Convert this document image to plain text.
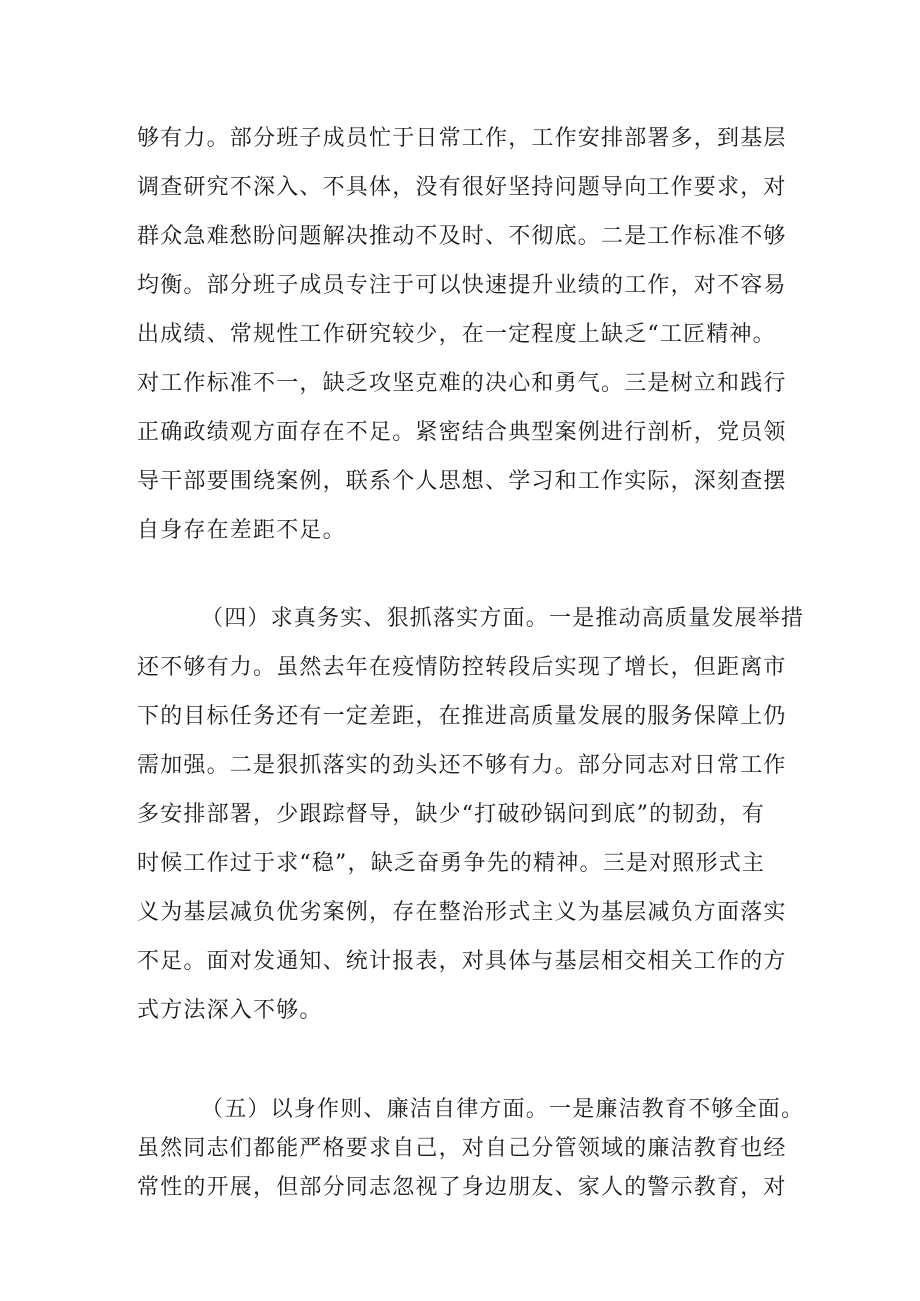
够有力。部分班子成员忙于日常工作，工作安排部署多，到基层
调查研究不深入、不具体，没有很好坚持问题导向工作要求，对
群众急难愁盼问题解决推动不及时、不彻底。二是工作标准不够
均衡。部分班子成员专注于可以快速提升业绩的工作，对不容易
出成绩、常规性工作研究较少，在一定程度上缺乏“工匠精神。
对工作标准不一，缺乏攻坚克难的决心和勇气。三是树立和践行
正确政绩观方面存在不足。紧密结合典型案例进行剖析，党员领
导干部要围绕案例，联系个人思想、学习和工作实际，深刻查摆
自身存在差距不足。
（四）求真务实、狠抓落实方面。一是推动高质量发展举措
还不够有力。虽然去年在疫情防控转段后实现了增长，但距离市
下的目标任务还有一定差距，在推进高质量发展的服务保障上仍
需加强。二是狠抓落实的劲头还不够有力。部分同志对日常工作
多安排部署，少跟踪督导，缺少“打破砂锅问到底”的韧劲，有
时候工作过于求“稳”，缺乏奋勇争先的精神。三是对照形式主
义为基层减负优劣案例，存在整治形式主义为基层减负方面落实
不足。面对发通知、统计报表，对具体与基层相交相关工作的方
式方法深入不够。
（五）以身作则、廉洁自律方面。一是廉洁教育不够全面。
虽然同志们都能严格要求自己，对自己分管领域的廉洁教育也经
常性的开展，但部分同志忽视了身边朋友、家人的警示教育，对
